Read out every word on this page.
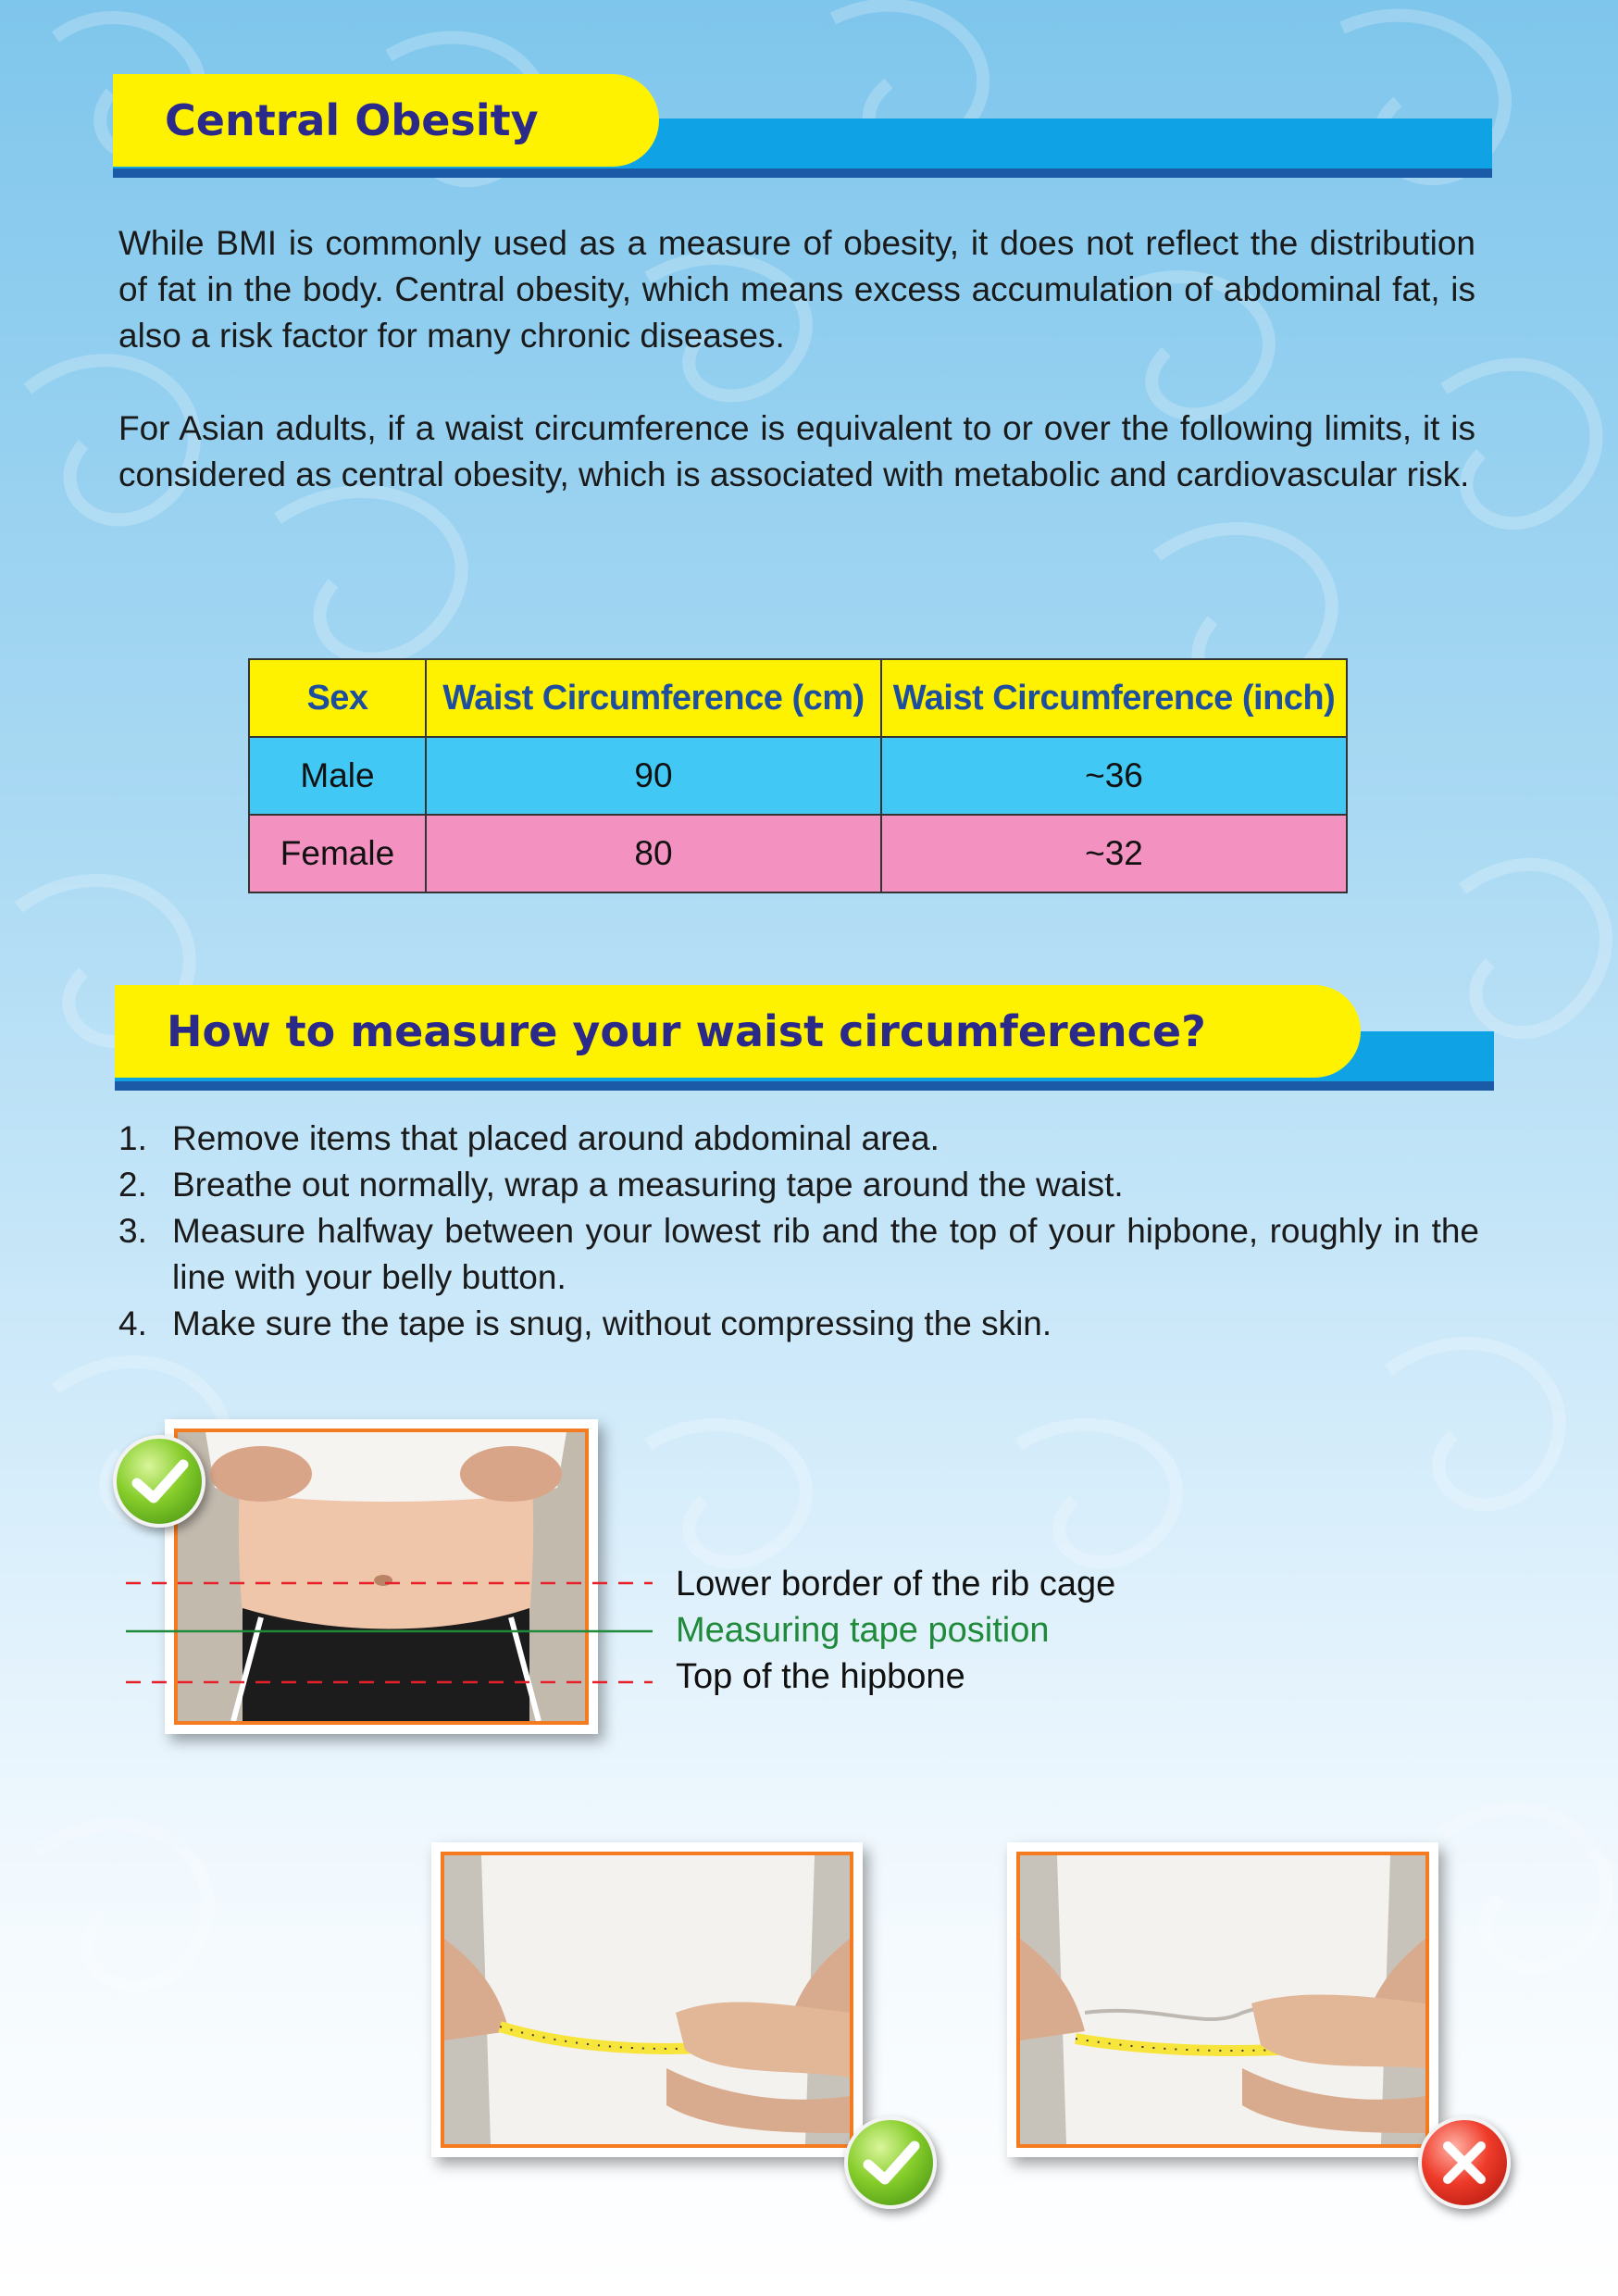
Central Obesity

While BMI is commonly used as a measure of obesity, it does not reflect the distribution of fat in the body. Central obesity, which means excess accumulation of abdominal fat, is also a risk factor for many chronic diseases.

For Asian adults, if a waist circumference is equivalent to or over the following limits, it is considered as central obesity, which is associated with metabolic and cardiovascular risk.

Sex	Waist Circumference (cm)	Waist Circumference (inch)
Male	90	~36
Female	80	~32
How to measure your waist circumference?
1. Remove items that placed around abdominal area.
2. Breathe out normally, wrap a measuring tape around the waist.
3. Measure halfway between your lowest rib and the top of your hipbone, roughly in the line with your belly button.
4. Make sure the tape is snug, without compressing the skin.
Lower border of the rib cage
Measuring tape position
Top of the hipbone
